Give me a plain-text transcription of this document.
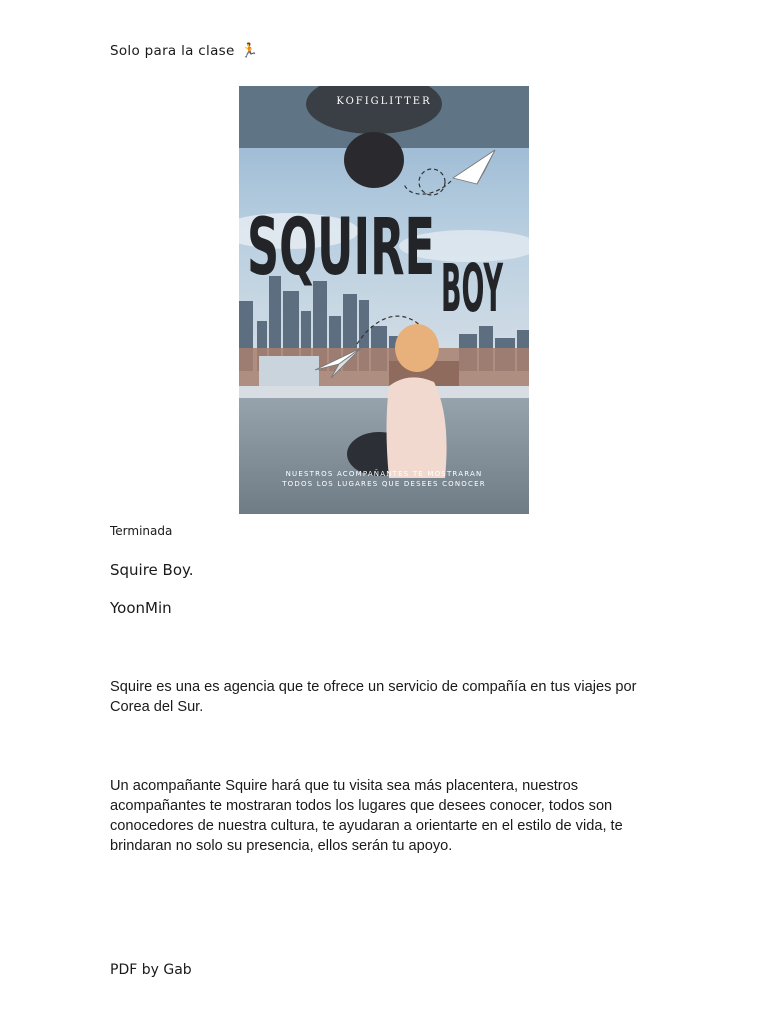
Solo para la clase 🏃
KOFIGLITTER
SQUIRE BOY
NUESTROS ACOMPAÑANTES TE MOSTRARAN
TODOS LOS LUGARES QUE DESEES CONOCER
Terminada
Squire Boy.
YoonMin
Squire es una es agencia que te ofrece un servicio de compañía en tus viajes por Corea del Sur.
Un acompañante Squire hará que tu visita sea más placentera, nuestros acompañantes te mostraran todos los lugares que desees conocer, todos son conocedores de nuestra cultura, te ayudaran a orientarte en el estilo de vida, te brindaran no solo su presencia, ellos serán tu apoyo.
PDF by Gab
